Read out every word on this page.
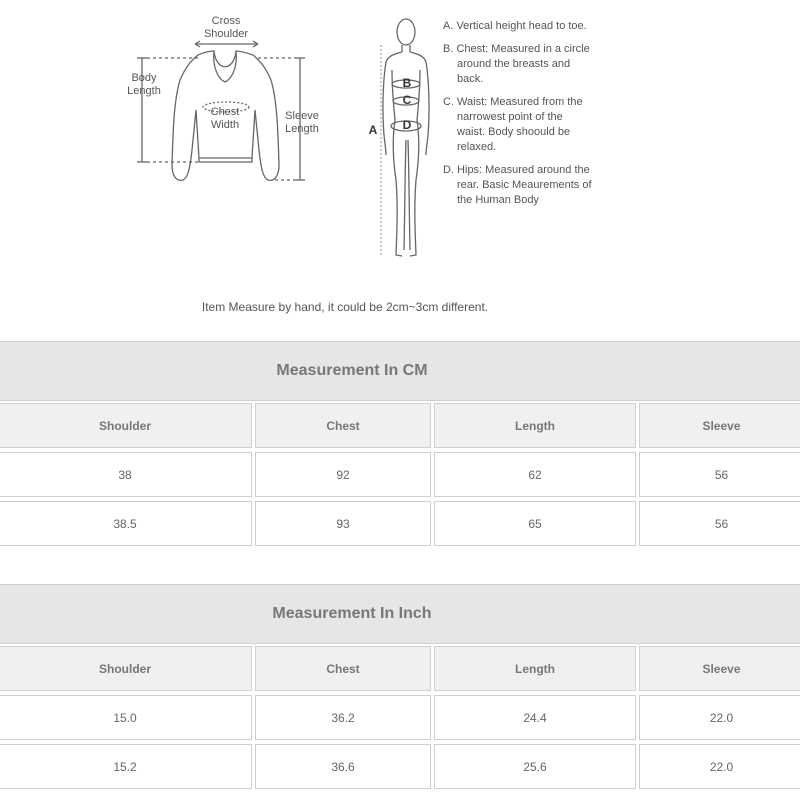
Cross
Shoulder
Body
Length
Chest
Width
Sleeve
Length	A
B
C
D
A. Vertical height head to toe.
B. Chest: Measured in a circle around the breasts and back.
C. Waist: Measured from the narrowest point of the waist. Body shoould be relaxed.
D. Hips: Measured around the rear. Basic Meaurements of the Human Body
Item Measure by hand, it could be 2cm~3cm different.
Measurement In CM
Shoulder	Chest	Length	Sleeve
38	92	62	56
38.5	93	65	56
Measurement In Inch
Shoulder	Chest	Length	Sleeve
15.0	36.2	24.4	22.0
15.2	36.6	25.6	22.0
